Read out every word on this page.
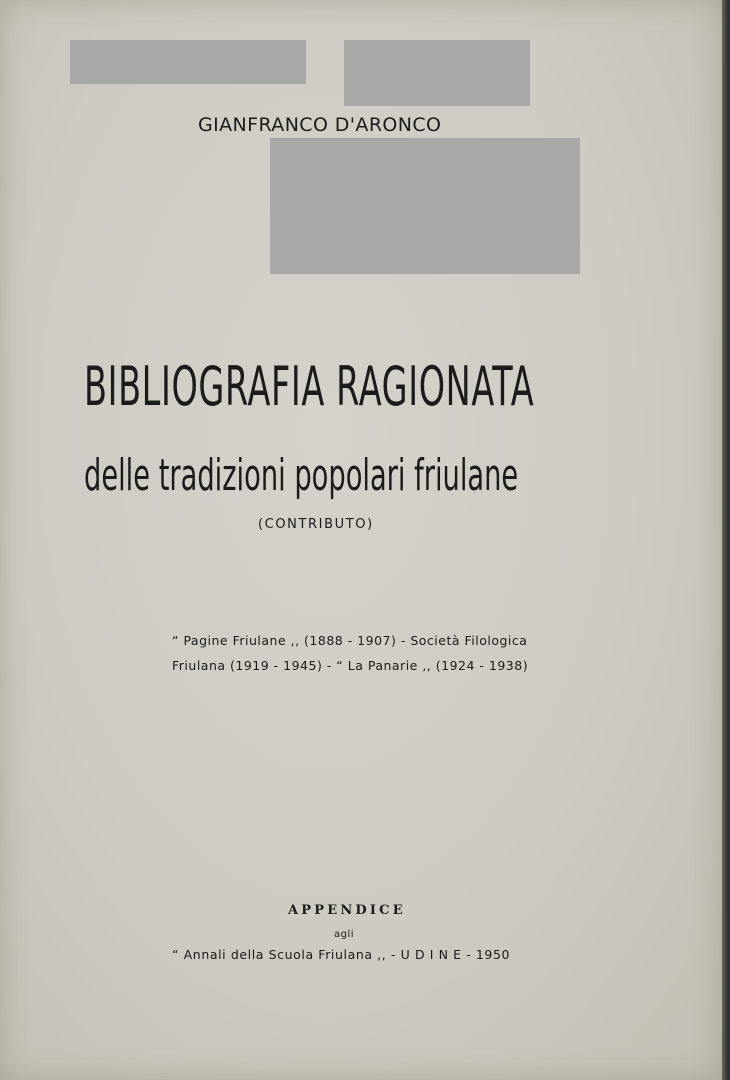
GIANFRANCO D'ARONCO
BIBLIOGRAFIA RAGIONATA
delle tradizioni popolari friulane
(CONTRIBUTO)
“ Pagine Friulane ,, (1888 - 1907) - Società Filologica
Friulana (1919 - 1945) - “ La Panarie ,, (1924 - 1938)
APPENDICE
agli
“ Annali della Scuola Friulana ,, - U D I N E - 1950
